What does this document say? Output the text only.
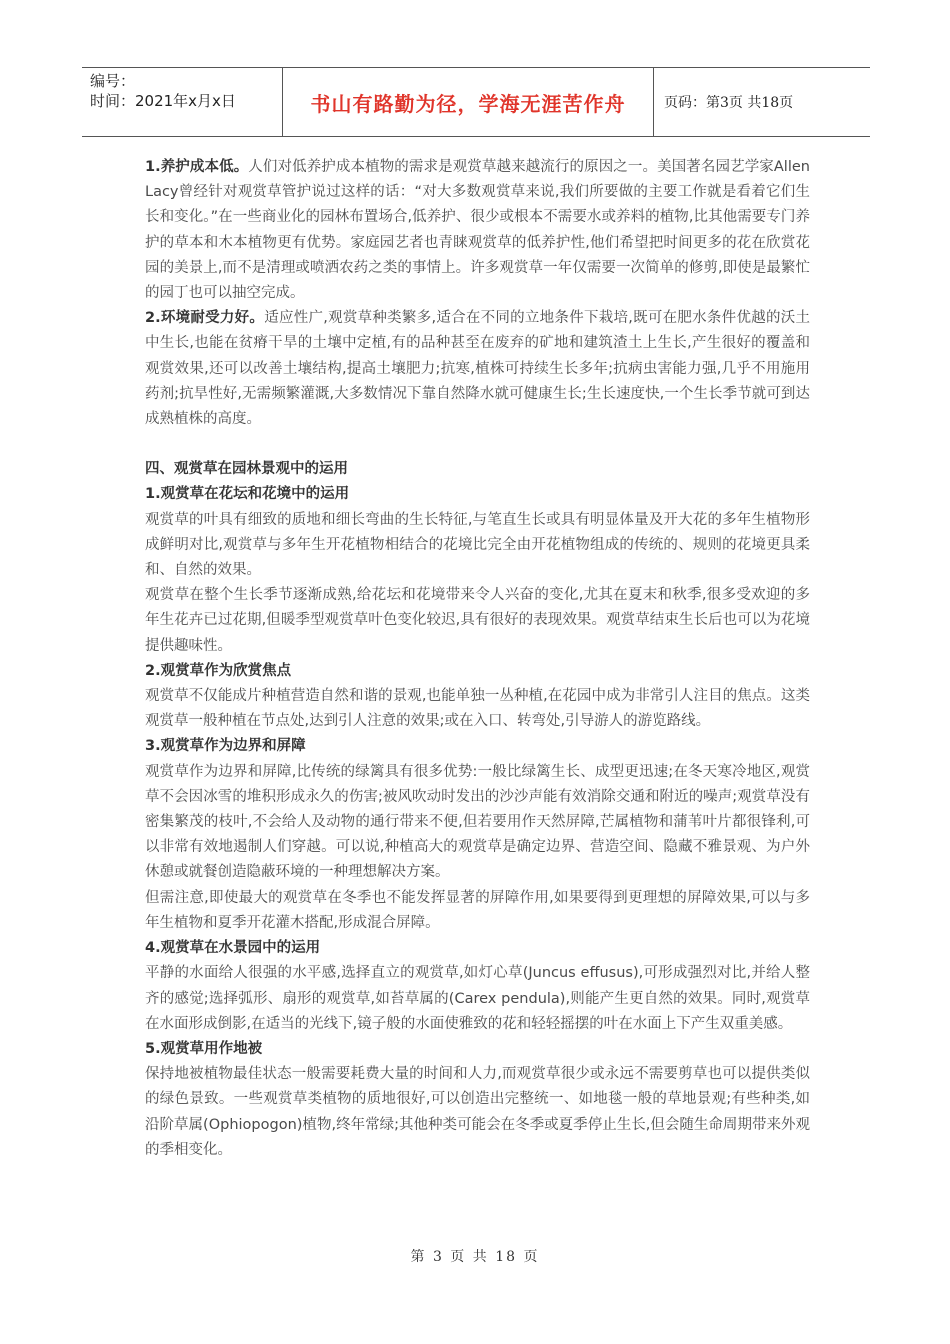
编号：
时间：2021年x月x日	书山有路勤为径，学海无涯苦作舟	页码：第3页 共18页

1.养护成本低。人们对低养护成本植物的需求是观赏草越来越流行的原因之一。美国著名园艺学家Allen Lacy曾经针对观赏草管护说过这样的话：“对大多数观赏草来说,我们所要做的主要工作就是看着它们生长和变化。”在一些商业化的园林布置场合,低养护、很少或根本不需要水或养料的植物,比其他需要专门养护的草本和木本植物更有优势。家庭园艺者也青睐观赏草的低养护性,他们希望把时间更多的花在欣赏花园的美景上,而不是清理或喷洒农药之类的事情上。许多观赏草一年仅需要一次简单的修剪,即使是最繁忙的园丁也可以抽空完成。

2.环境耐受力好。适应性广,观赏草种类繁多,适合在不同的立地条件下栽培,既可在肥水条件优越的沃土中生长,也能在贫瘠干旱的土壤中定植,有的品种甚至在废弃的矿地和建筑渣土上生长,产生很好的覆盖和观赏效果,还可以改善土壤结构,提高土壤肥力;抗寒,植株可持续生长多年;抗病虫害能力强,几乎不用施用药剂;抗旱性好,无需频繁灌溉,大多数情况下靠自然降水就可健康生长;生长速度快,一个生长季节就可到达成熟植株的高度。

四、观赏草在园林景观中的运用

1.观赏草在花坛和花境中的运用

观赏草的叶具有细致的质地和细长弯曲的生长特征,与笔直生长或具有明显体量及开大花的多年生植物形成鲜明对比,观赏草与多年生开花植物相结合的花境比完全由开花植物组成的传统的、规则的花境更具柔和、自然的效果。

观赏草在整个生长季节逐渐成熟,给花坛和花境带来令人兴奋的变化,尤其在夏末和秋季,很多受欢迎的多年生花卉已过花期,但暖季型观赏草叶色变化较迟,具有很好的表现效果。观赏草结束生长后也可以为花境提供趣味性。

2.观赏草作为欣赏焦点

观赏草不仅能成片种植营造自然和谐的景观,也能单独一丛种植,在花园中成为非常引人注目的焦点。这类观赏草一般种植在节点处,达到引人注意的效果;或在入口、转弯处,引导游人的游览路线。

3.观赏草作为边界和屏障

观赏草作为边界和屏障,比传统的绿篱具有很多优势:一般比绿篱生长、成型更迅速;在冬天寒冷地区,观赏草不会因冰雪的堆积形成永久的伤害;被风吹动时发出的沙沙声能有效消除交通和附近的噪声;观赏草没有密集繁茂的枝叶,不会给人及动物的通行带来不便,但若要用作天然屏障,芒属植物和蒲苇叶片都很锋利,可以非常有效地遏制人们穿越。可以说,种植高大的观赏草是确定边界、营造空间、隐藏不雅景观、为户外休憩或就餐创造隐蔽环境的一种理想解决方案。

但需注意,即使最大的观赏草在冬季也不能发挥显著的屏障作用,如果要得到更理想的屏障效果,可以与多年生植物和夏季开花灌木搭配,形成混合屏障。

4.观赏草在水景园中的运用

平静的水面给人很强的水平感,选择直立的观赏草,如灯心草(Juncus effusus),可形成强烈对比,并给人整齐的感觉;选择弧形、扇形的观赏草,如苔草属的(Carex pendula),则能产生更自然的效果。同时,观赏草在水面形成倒影,在适当的光线下,镜子般的水面使雅致的花和轻轻摇摆的叶在水面上下产生双重美感。

5.观赏草用作地被

保持地被植物最佳状态一般需要耗费大量的时间和人力,而观赏草很少或永远不需要剪草也可以提供类似的绿色景致。一些观赏草类植物的质地很好,可以创造出完整统一、如地毯一般的草地景观;有些种类,如沿阶草属(Ophiopogon)植物,终年常绿;其他种类可能会在冬季或夏季停止生长,但会随生命周期带来外观的季相变化。

第 3 页 共 18 页
